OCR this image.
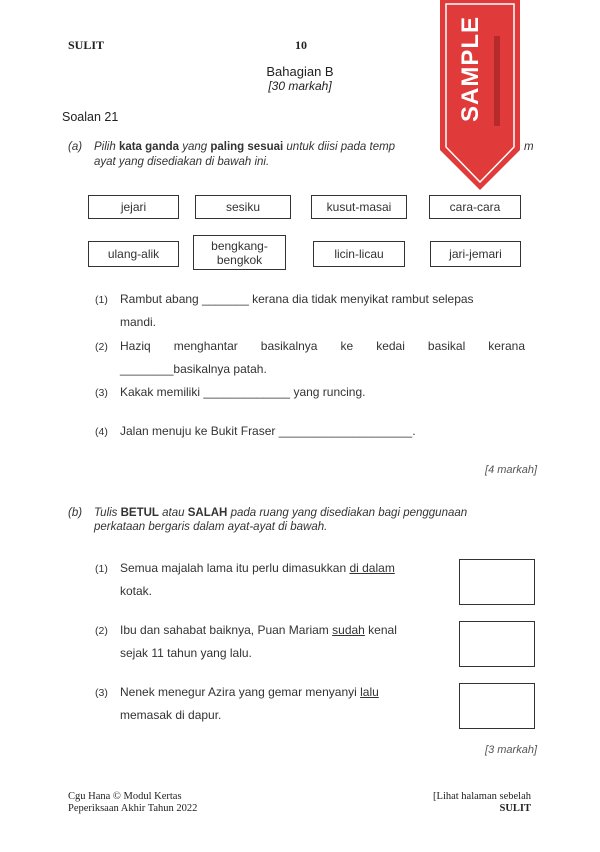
SULIT	10
Bahagian B
[30 markah]
Soalan 21
(a) Pilih kata ganda yang paling sesuai untuk diisi pada temp	m
ayat yang disediakan di bawah ini.
jejari	sesiku	kusut-masai	cara-cara
ulang-alik
bengkang-bengkok	licin-licau	jari-jemari
(1) Rambut abang _______ kerana dia tidak menyikat rambut selepas
mandi.
(2) Haziq menghantar basikalnya ke kedai basikal kerana
________basikalnya patah.
(3) Kakak memiliki _____________ yang runcing.
(4) Jalan menuju ke Bukit Fraser ____________________.
[4 markah]
(b) Tulis BETUL atau SALAH pada ruang yang disediakan bagi penggunaan
perkataan bergaris dalam ayat-ayat di bawah.
(1) Semua majalah lama itu perlu dimasukkan di dalam
kotak.
(2) Ibu dan sahabat baiknya, Puan Mariam sudah kenal
sejak 11 tahun yang lalu.
(3) Nenek menegur Azira yang gemar menyanyi lalu
memasak di dapur.
[3 markah]
Cgu Hana © Modul Kertas
Peperiksaan Akhir Tahun 2022
[Lihat halaman sebelah
SULIT
SAMPLE
